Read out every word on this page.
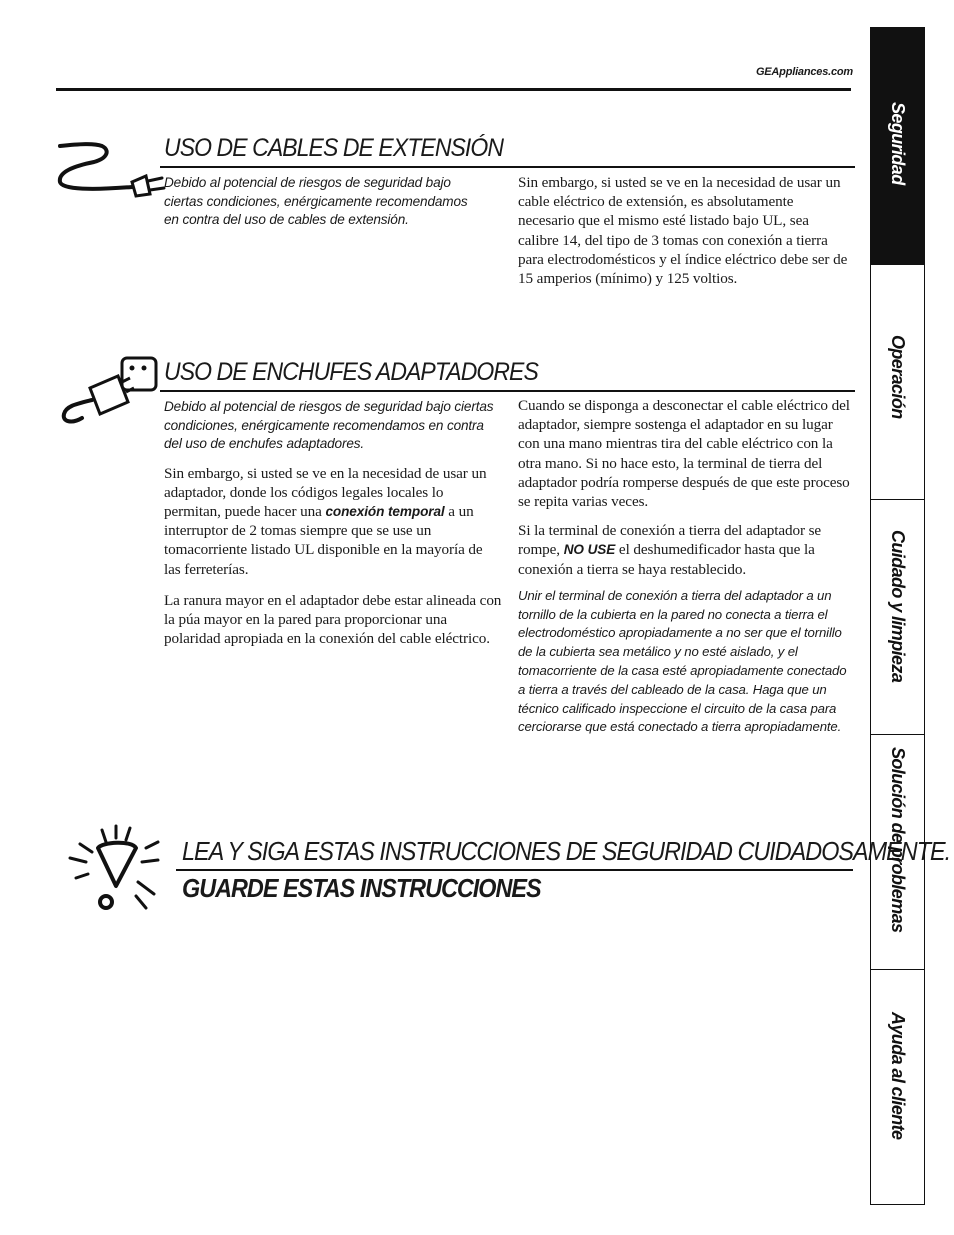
GEAppliances.com
USO DE CABLES DE EXTENSIÓN

Debido al potencial de riesgos de seguridad bajo ciertas condiciones, enérgicamente recomendamos en contra del uso de cables de extensión.

Sin embargo, si usted se ve en la necesidad de usar un cable eléctrico de extensión, es absolutamente necesario que el mismo esté listado bajo UL, sea calibre 14, del tipo de 3 tomas con conexión a tierra para electrodomésticos y el índice eléctrico debe ser de 15 amperios (mínimo) y 125 voltios.

USO DE ENCHUFES ADAPTADORES

Debido al potencial de riesgos de seguridad bajo ciertas condiciones, enérgicamente recomendamos en contra del uso de enchufes adaptadores.

Sin embargo, si usted se ve en la necesidad de usar un adaptador, donde los códigos legales locales lo permitan, puede hacer una conexión temporal a un interruptor de 2 tomas siempre que se use un tomacorriente listado UL disponible en la mayoría de las ferreterías.

La ranura mayor en el adaptador debe estar alineada con la púa mayor en la pared para proporcionar una polaridad apropiada en la conexión del cable eléctrico.

Cuando se disponga a desconectar el cable eléctrico del adaptador, siempre sostenga el adaptador en su lugar con una mano mientras tira del cable eléctrico con la otra mano. Si no hace esto, la terminal de tierra del adaptador podría romperse después de que este proceso se repita varias veces.

Si la terminal de conexión a tierra del adaptador se rompe, NO USE el deshumedificador hasta que la conexión a tierra se haya restablecido.

Unir el terminal de conexión a tierra del adaptador a un tornillo de la cubierta en la pared no conecta a tierra el electrodoméstico apropiadamente a no ser que el tornillo de la cubierta sea metálico y no esté aislado, y el tomacorriente de la casa esté apropiadamente conectado a tierra a través del cableado de la casa. Haga que un técnico calificado inspeccione el circuito de la casa para cerciorarse que está conectado a tierra apropiadamente.

LEA Y SIGA ESTAS INSTRUCCIONES DE SEGURIDAD CUIDADOSAMENTE.
GUARDE ESTAS INSTRUCCIONES
Seguridad
Operación
Cuidado y limpieza
Solución de problemas
Ayuda al cliente
